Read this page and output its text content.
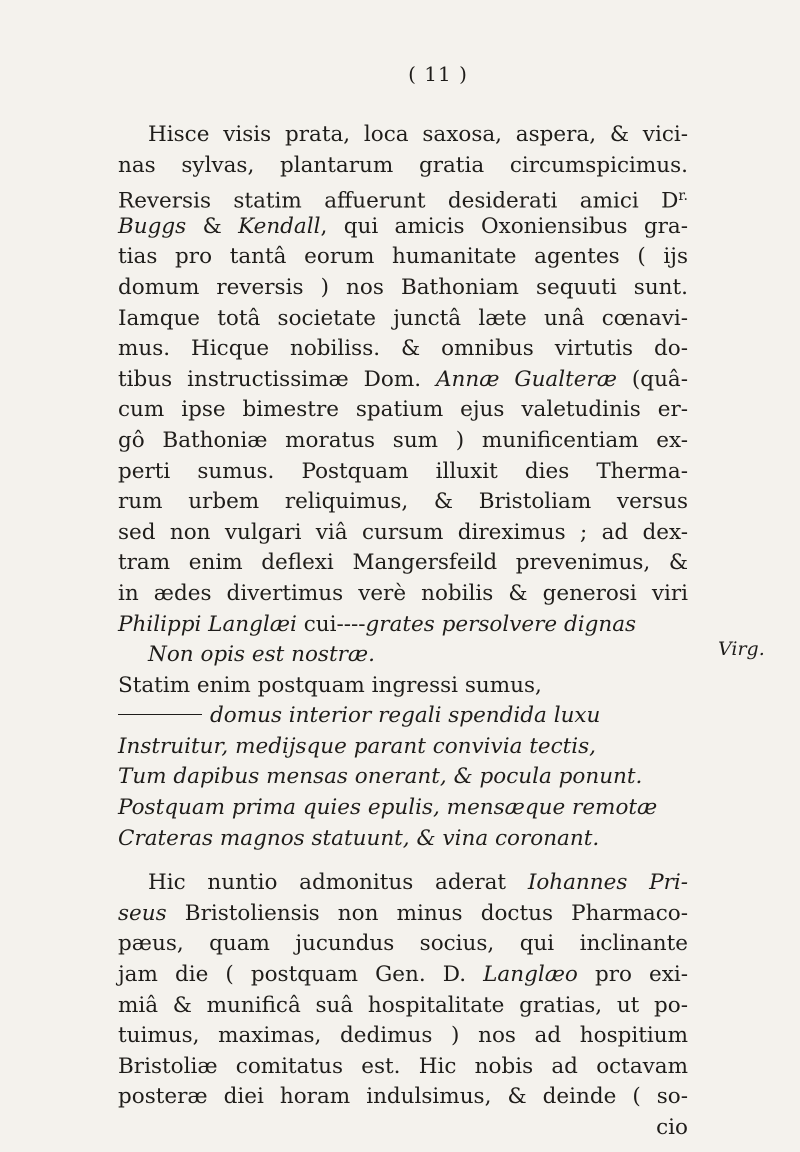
( 11 )
Hisce visis prata, loca saxosa, aspera, & vici-
nas sylvas, plantarum gratia circumspicimus.
Reversis statim affuerunt desiderati amici $D^{r.}$
Buggs & Kendall, qui amicis Oxoniensibus gra-
tias pro tantâ eorum humanitate agentes ( ijs
domum reversis ) nos Bathoniam sequuti sunt.
Iamque totâ societate junctâ læte unâ cœnavi-
mus. Hicque nobiliss. & omnibus virtutis do-
tibus instructissimæ Dom. Annæ Gualteræ (quâ-
cum ipse bimestre spatium ejus valetudinis er-
gô Bathoniæ moratus sum ) munificentiam ex-
perti sumus. Postquam illuxit dies Therma-
rum urbem reliquimus, & Bristoliam versus
sed non vulgari viâ cursum direximus ; ad dex-
tram enim deflexi Mangersfeild prevenimus, &
in ædes divertimus verè nobilis & generosi viri
Philippi Langlæi cui----grates persolvere dignas
Non opis est nostræ.
Statim enim postquam ingressi sumus,
domus interior regali spendida luxu
Instruitur, medijsque parant convivia tectis,
Tum dapibus mensas onerant, & pocula ponunt.
Postquam prima quies epulis, mensæque remotæ
Crateras magnos statuunt, & vina coronant.
Hic nuntio admonitus aderat Iohannes Pri-
seus Bristoliensis non minus doctus Pharmaco-
pæus, quam jucundus socius, qui inclinante
jam die ( postquam Gen. D. Langlæo pro exi-
miâ & munificâ suâ hospitalitate gratias, ut po-
tuimus, maximas, dedimus ) nos ad hospitium
Bristoliæ comitatus est. Hic nobis ad octavam
posteræ diei horam indulsimus, & deinde ( so-
cio
Virg.
